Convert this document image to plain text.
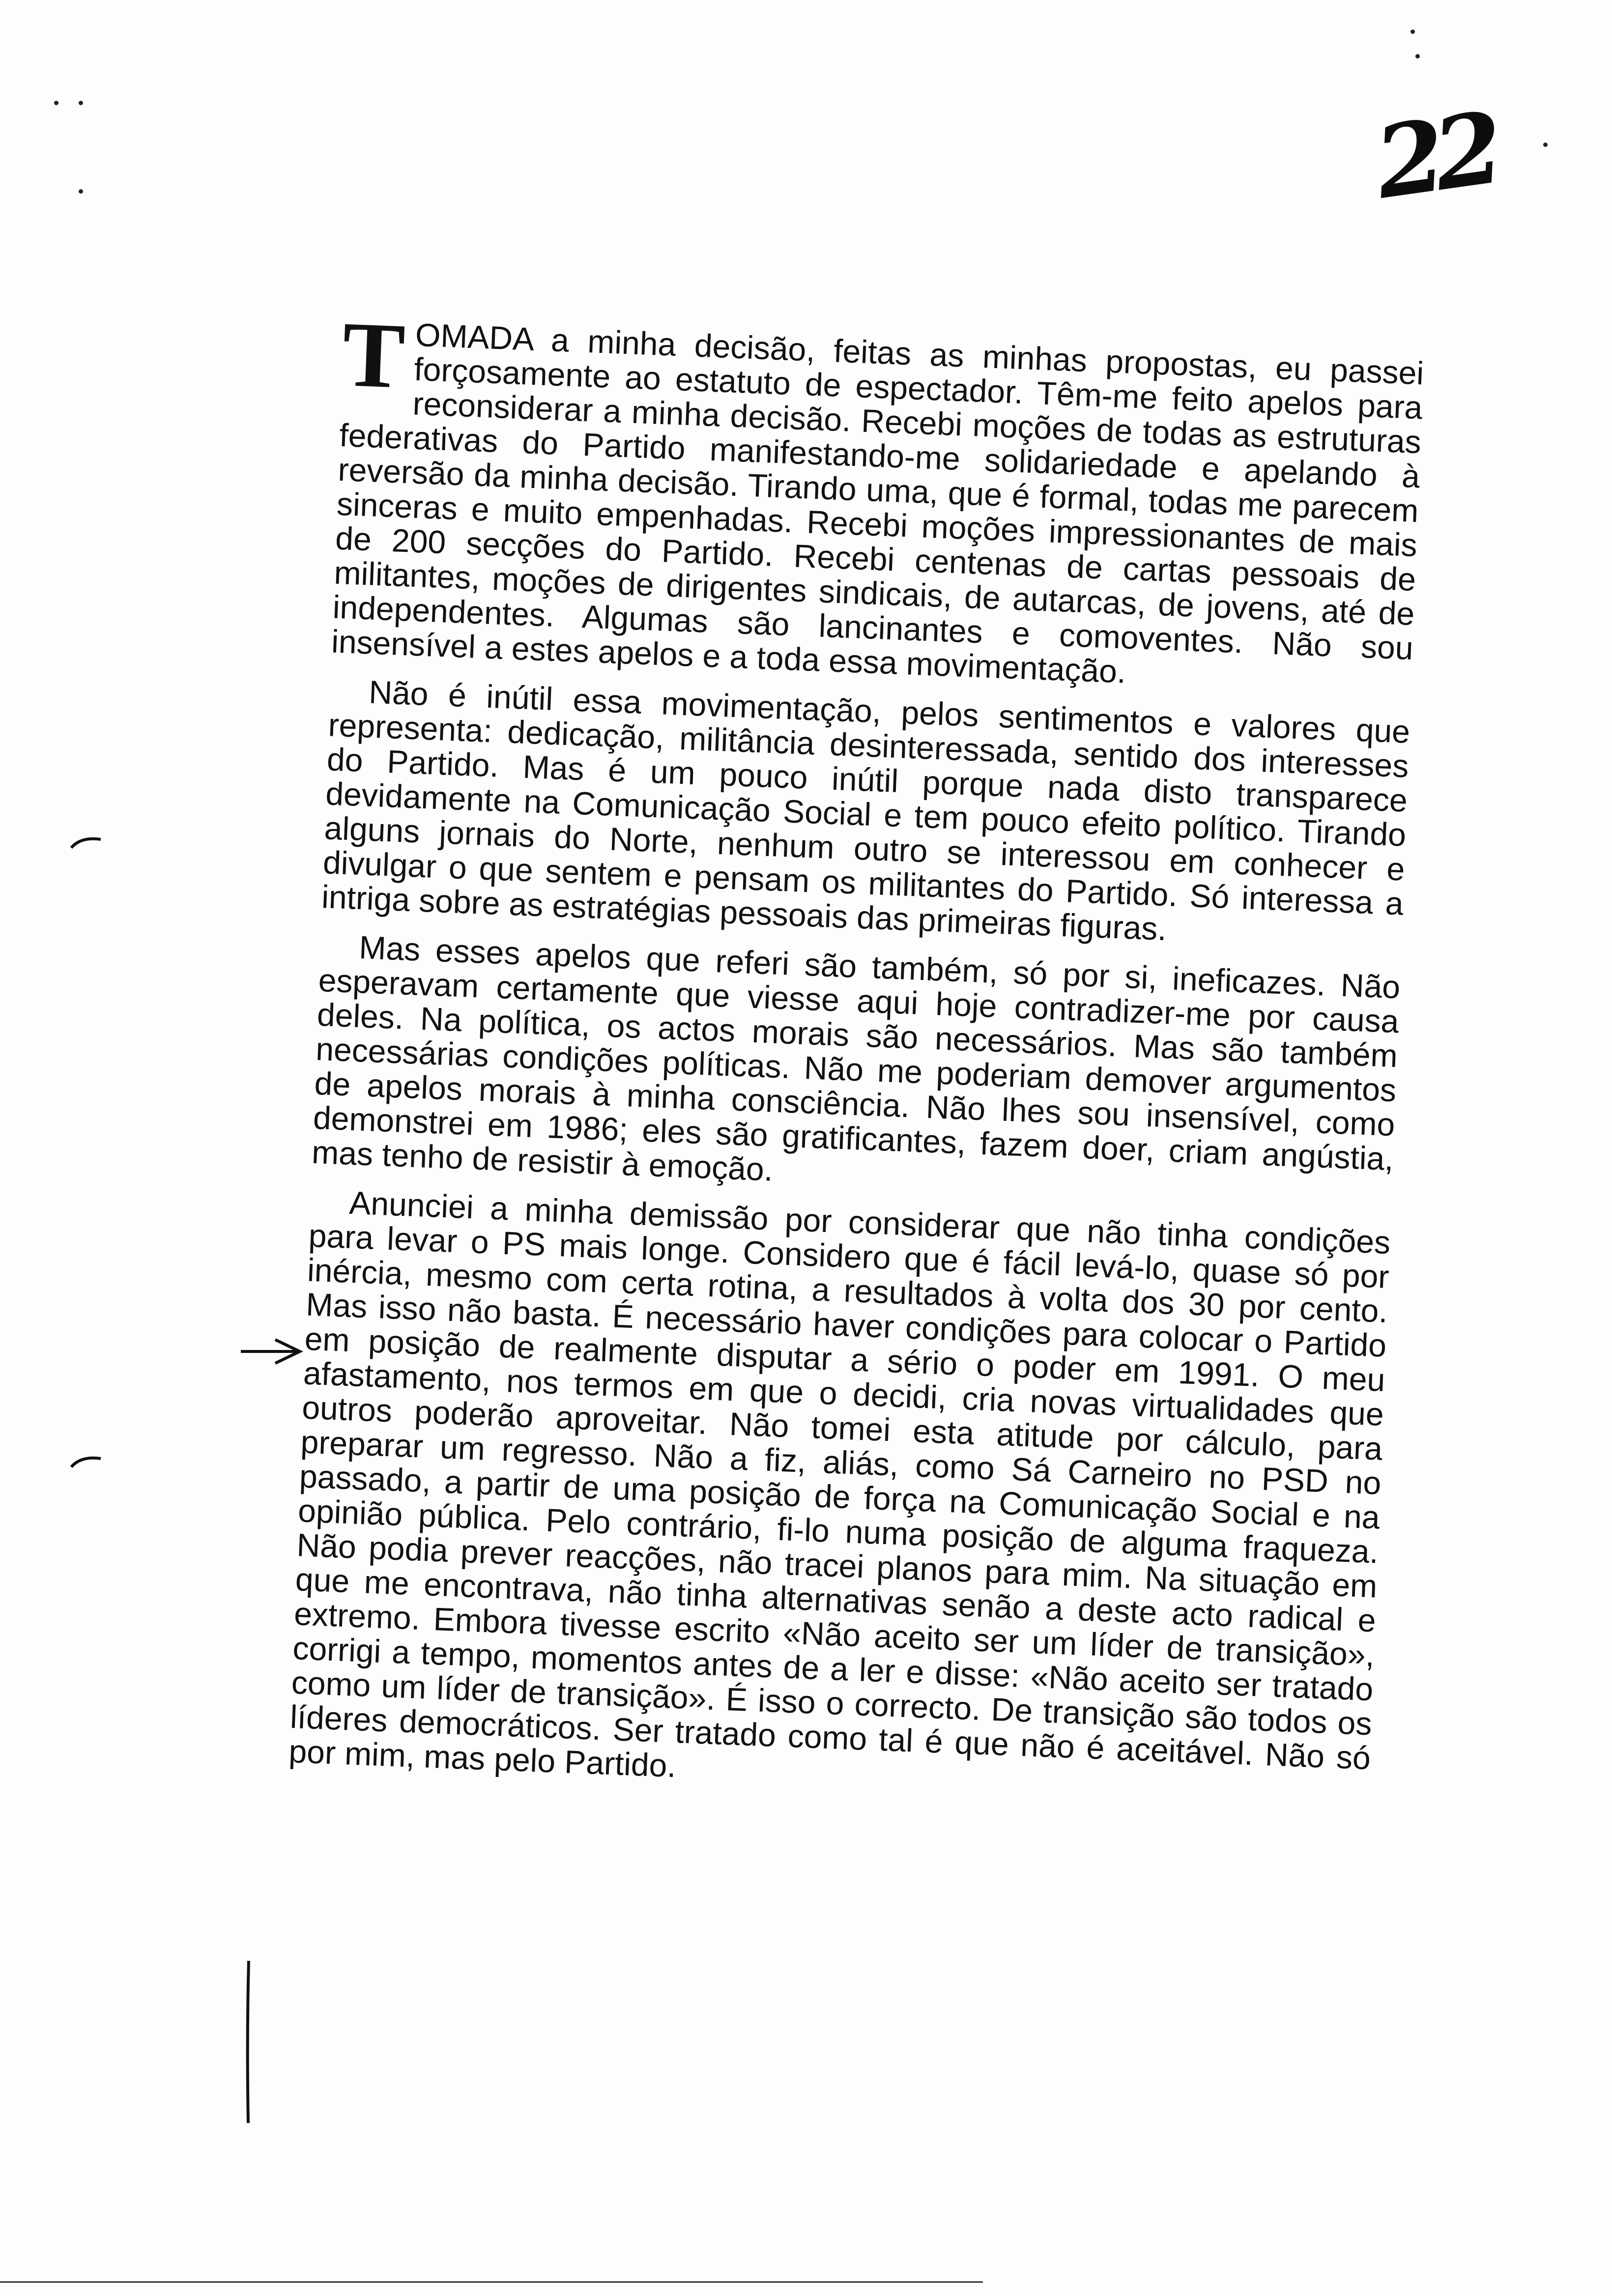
22

TOMADA a minha decisão, feitas as minhas propostas, eu passei forçosamente ao estatuto de espectador. Têm-me feito apelos para reconsiderar a minha decisão. Recebi moções de todas as estruturas federativas do Partido manifestando-me solidariedade e apelando à reversão da minha decisão. Tirando uma, que é formal, todas me parecem sinceras e muito empenhadas. Recebi moções impressionantes de mais de 200 secções do Partido. Recebi centenas de cartas pessoais de militantes, moções de dirigentes sindicais, de autarcas, de jovens, até de independentes. Algumas são lancinantes e comoventes. Não sou insensível a estes apelos e a toda essa movimentação.

Não é inútil essa movimentação, pelos sentimentos e valores que representa: dedicação, militância desinteressada, sentido dos interesses do Partido. Mas é um pouco inútil porque nada disto transparece devidamente na Comunicação Social e tem pouco efeito político. Tirando alguns jornais do Norte, nenhum outro se interessou em conhecer e divulgar o que sentem e pensam os militantes do Partido. Só interessa a intriga sobre as estratégias pessoais das primeiras figuras.

Mas esses apelos que referi são também, só por si, ineficazes. Não esperavam certamente que viesse aqui hoje contradizer-me por causa deles. Na política, os actos morais são necessários. Mas são também necessárias condições políticas. Não me poderiam demover argumentos de apelos morais à minha consciência. Não lhes sou insensível, como demonstrei em 1986; eles são gratificantes, fazem doer, criam angústia, mas tenho de resistir à emoção.

Anunciei a minha demissão por considerar que não tinha condições para levar o PS mais longe. Considero que é fácil levá-lo, quase só por inércia, mesmo com certa rotina, a resultados à volta dos 30 por cento. Mas isso não basta. É necessário haver condições para colocar o Partido em posição de realmente disputar a sério o poder em 1991. O meu afastamento, nos termos em que o decidi, cria novas virtualidades que outros poderão aproveitar. Não tomei esta atitude por cálculo, para preparar um regresso. Não a fiz, aliás, como Sá Carneiro no PSD no passado, a partir de uma posição de força na Comunicação Social e na opinião pública. Pelo contrário, fi-lo numa posição de alguma fraqueza. Não podia prever reacções, não tracei planos para mim. Na situação em que me encontrava, não tinha alternativas senão a deste acto radical e extremo. Embora tivesse escrito «Não aceito ser um líder de transição», corrigi a tempo, momentos antes de a ler e disse: «Não aceito ser tratado como um líder de transição». É isso o correcto. De transição são todos os líderes democráticos. Ser tratado como tal é que não é aceitável. Não só por mim, mas pelo Partido.
